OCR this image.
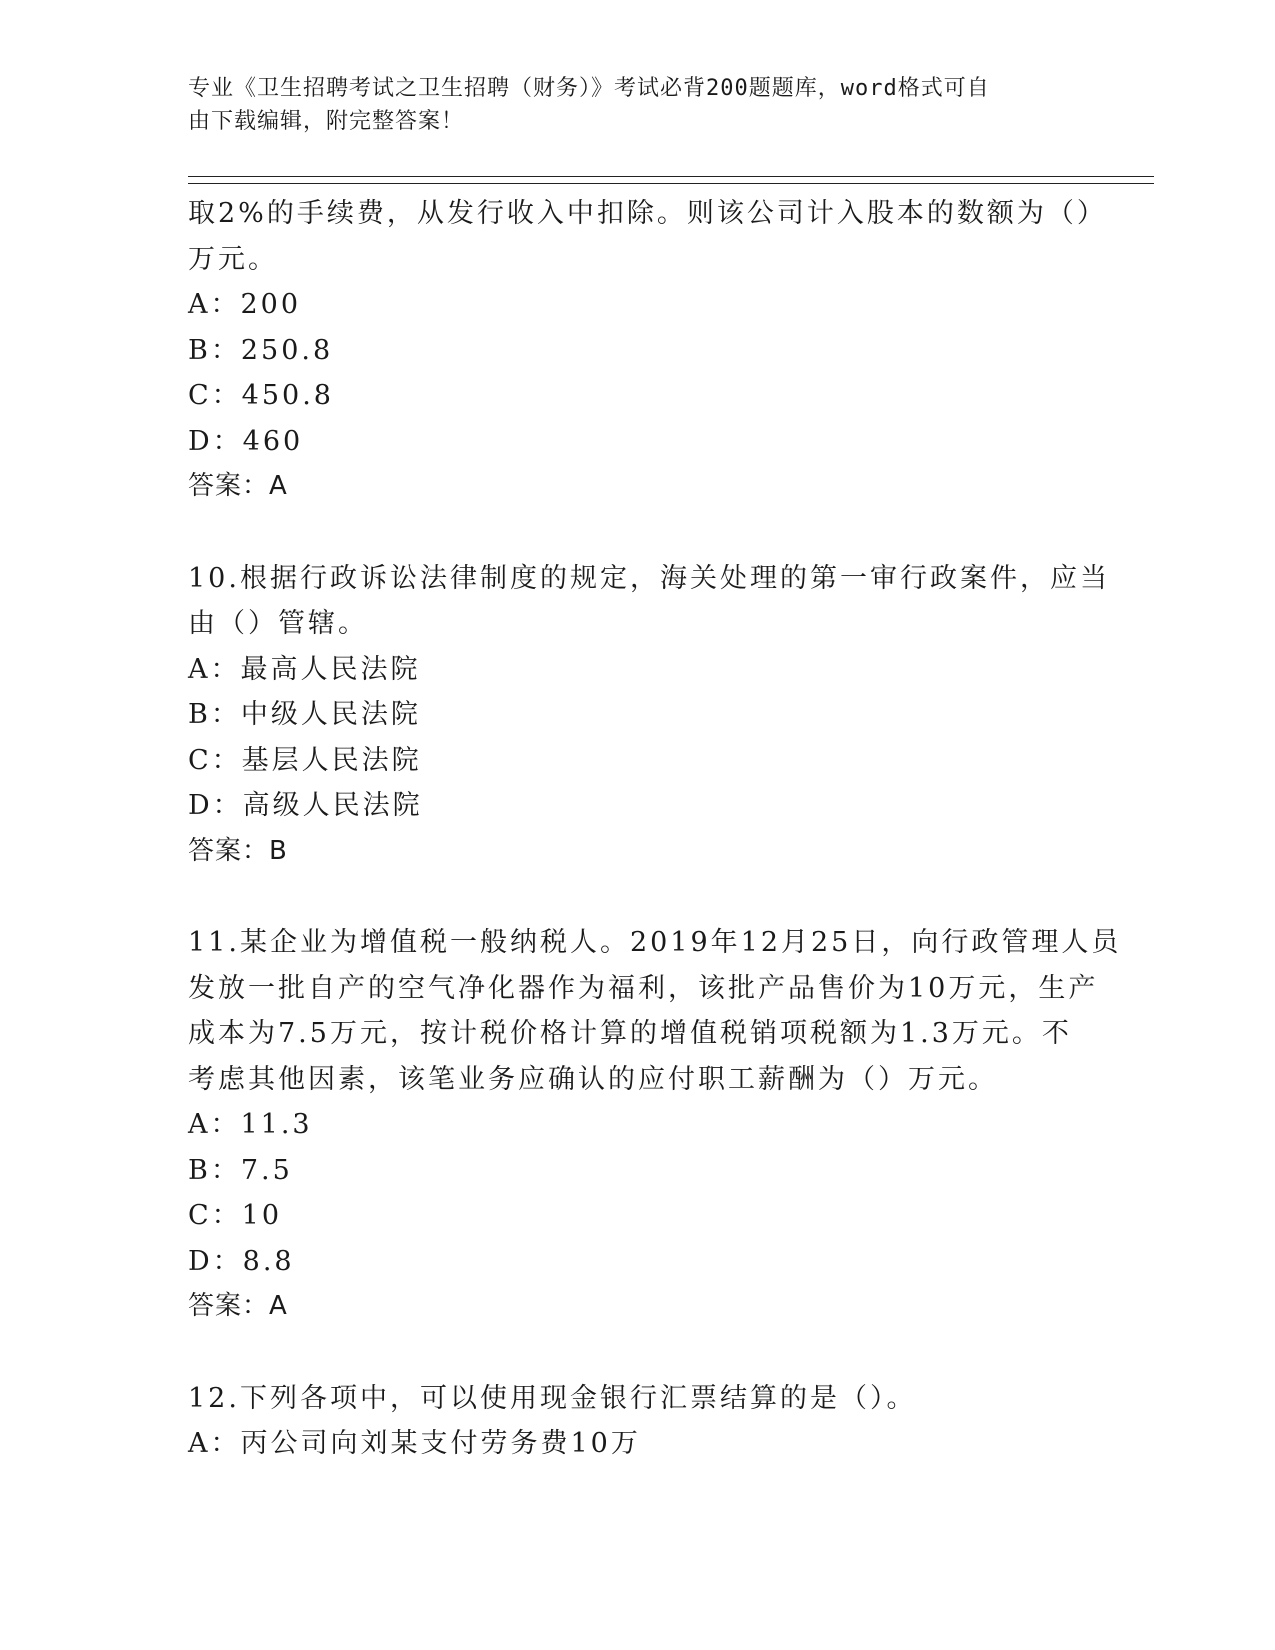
专业《卫生招聘考试之卫生招聘（财务）》考试必背200题题库，word格式可自
由下载编辑，附完整答案！
取2%的手续费，从发行收入中扣除。则该公司计入股本的数额为（）
万元。
A：200
B：250.8
C：450.8
D：460
答案：A
10.根据行政诉讼法律制度的规定，海关处理的第一审行政案件，应当
由（）管辖。
A：最高人民法院
B：中级人民法院
C：基层人民法院
D：高级人民法院
答案：B
11.某企业为增值税一般纳税人。2019年12月25日，向行政管理人员
发放一批自产的空气净化器作为福利，该批产品售价为10万元，生产
成本为7.5万元，按计税价格计算的增值税销项税额为1.3万元。不
考虑其他因素，该笔业务应确认的应付职工薪酬为（）万元。
A：11.3
B：7.5
C：10
D：8.8
答案：A
12.下列各项中，可以使用现金银行汇票结算的是（）。
A：丙公司向刘某支付劳务费10万
